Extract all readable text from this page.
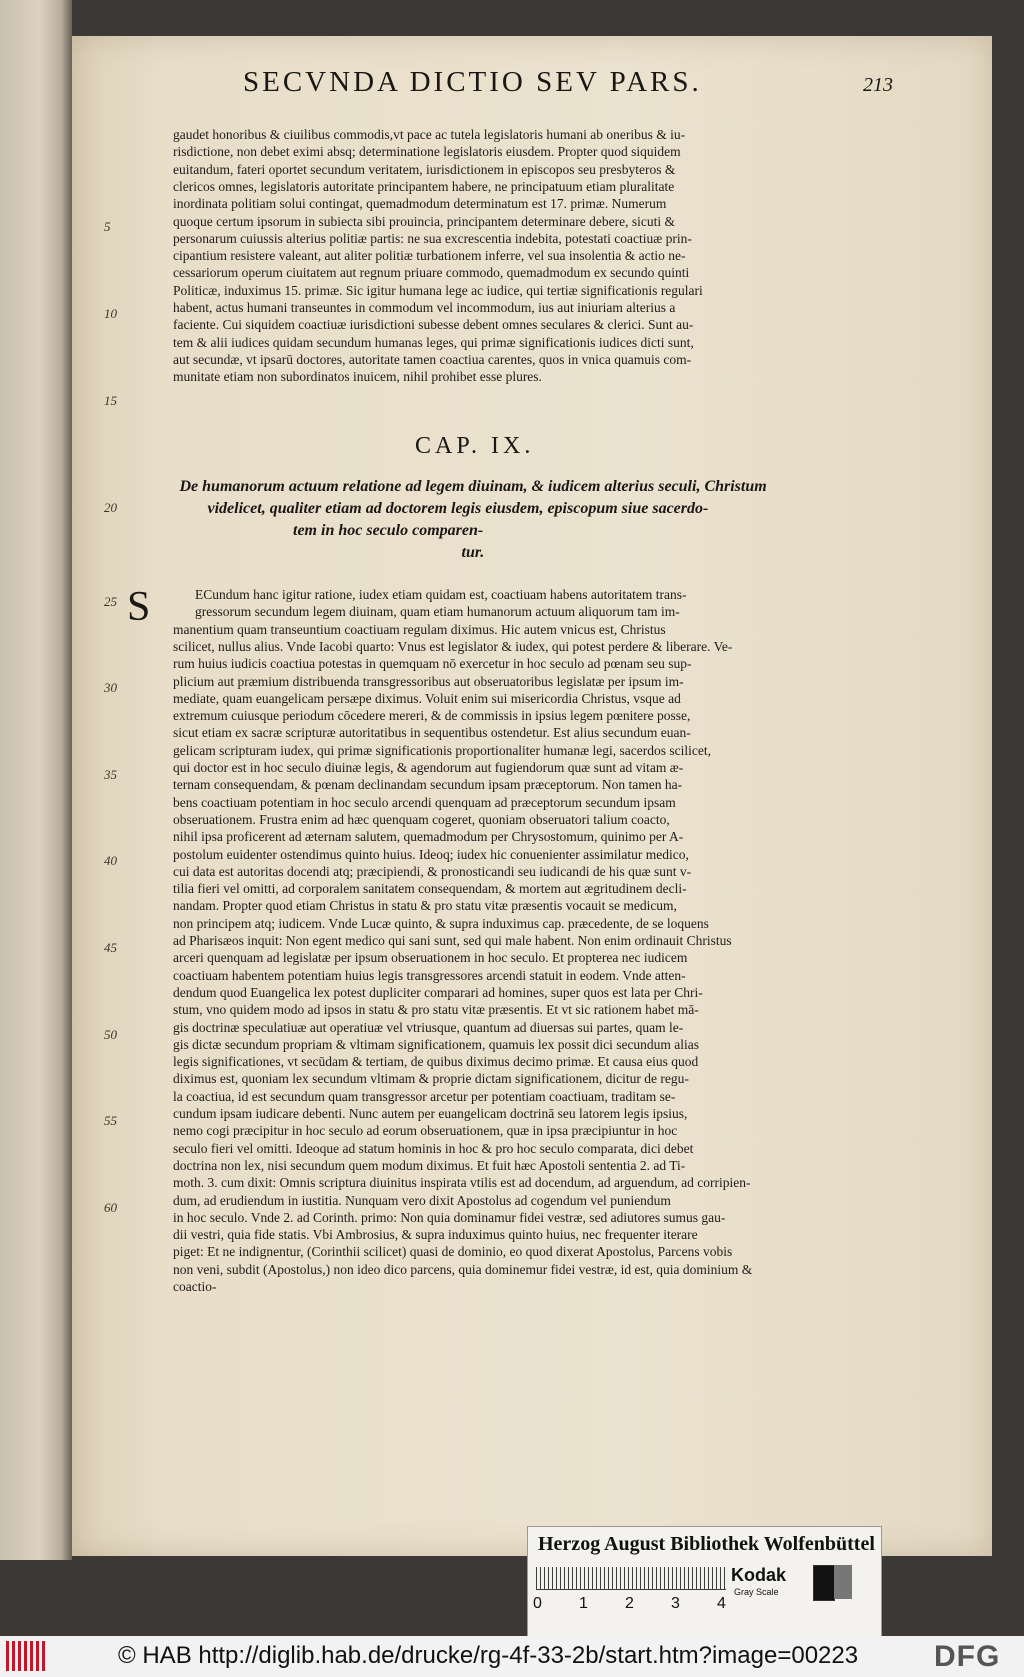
SECVNDA DICTIO SEV PARS.	213
gaudet honoribus & ciuilibus commodis,vt pace ac tutela legislatoris humani ab oneribus & iu-
risdictione, non debet eximi absq; determinatione legislatoris eiusdem. Propter quod siquidem
euitandum, fateri oportet secundum veritatem, iurisdictionem in episcopos seu presbyteros &
clericos omnes, legislatoris autoritate principantem habere, ne principatuum etiam pluralitate
inordinata politiam solui contingat, quemadmodum determinatum est 17. primæ. Numerum
quoque certum ipsorum in subiecta sibi prouincia, principantem determinare debere, sicuti &
personarum cuiussis alterius politiæ partis: ne sua excrescentia indebita, potestati coactiuæ prin-
cipantium resistere valeant, aut aliter politiæ turbationem inferre, vel sua insolentia & actio ne-
cessariorum operum ciuitatem aut regnum priuare commodo, quemadmodum ex secundo quinti
Politicæ, induximus 15. primæ. Sic igitur humana lege ac iudice, qui tertiæ significationis regulari
habent, actus humani transeuntes in commodum vel incommodum, ius aut iniuriam alterius a
faciente. Cui siquidem coactiuæ iurisdictioni subesse debent omnes seculares & clerici. Sunt au-
tem & alii iudices quidam secundum humanas leges, qui primæ significationis iudices dicti sunt,
aut secundæ, vt ipsarū doctores, autoritate tamen coactiua carentes, quos in vnica quamuis com-
munitate etiam non subordinatos inuicem, nihil prohibet esse plures.
5
10
15
CAP. IX.
De humanorum actuum relatione ad legem diuinam, & iudicem alterius seculi, Christum
videlicet, qualiter etiam ad doctorem legis eiusdem, episcopum siue sacerdo-
tem in hoc seculo comparen-
tur.
20
S	ECundum hanc igitur ratione, iudex etiam quidam est, coactiuam habens autoritatem trans-
gressorum secundum legem diuinam, quam etiam humanorum actuum aliquorum tam im-
manentium quam transeuntium coactiuam regulam diximus. Hic autem vnicus est, Christus
scilicet, nullus alius. Vnde Iacobi quarto: Vnus est legislator & iudex, qui potest perdere & liberare. Ve-
rum huius iudicis coactiua potestas in quemquam nō exercetur in hoc seculo ad pœnam seu sup-
plicium aut præmium distribuenda transgressoribus aut obseruatoribus legislatæ per ipsum im-
mediate, quam euangelicam persæpe diximus. Voluit enim sui misericordia Christus, vsque ad
extremum cuiusque periodum cōcedere mereri, & de commissis in ipsius legem pœnitere posse,
sicut etiam ex sacræ scripturæ autoritatibus in sequentibus ostendetur. Est alius secundum euan-
gelicam scripturam iudex, qui primæ significationis proportionaliter humanæ legi, sacerdos scilicet,
qui doctor est in hoc seculo diuinæ legis, & agendorum aut fugiendorum quæ sunt ad vitam æ-
ternam consequendam, & pœnam declinandam secundum ipsam præceptorum. Non tamen ha-
bens coactiuam potentiam in hoc seculo arcendi quenquam ad præceptorum secundum ipsam
obseruationem. Frustra enim ad hæc quenquam cogeret, quoniam obseruatori talium coacto,
nihil ipsa proficerent ad æternam salutem, quemadmodum per Chrysostomum, quinimo per A-
postolum euidenter ostendimus quinto huius. Ideoq; iudex hic conuenienter assimilatur medico,
cui data est autoritas docendi atq; præcipiendi, & pronosticandi seu iudicandi de his quæ sunt v-
tilia fieri vel omitti, ad corporalem sanitatem consequendam, & mortem aut ægritudinem decli-
nandam. Propter quod etiam Christus in statu & pro statu vitæ præsentis vocauit se medicum,
non principem atq; iudicem. Vnde Lucæ quinto, & supra induximus cap. præcedente, de se loquens
ad Pharisæos inquit: Non egent medico qui sani sunt, sed qui male habent. Non enim ordinauit Christus
arceri quenquam ad legislatæ per ipsum obseruationem in hoc seculo. Et propterea nec iudicem
coactiuam habentem potentiam huius legis transgressores arcendi statuit in eodem. Vnde atten-
dendum quod Euangelica lex potest dupliciter comparari ad homines, super quos est lata per Chri-
stum, vno quidem modo ad ipsos in statu & pro statu vitæ præsentis. Et vt sic rationem habet mā-
gis doctrinæ speculatiuæ aut operatiuæ vel vtriusque, quantum ad diuersas sui partes, quam le-
gis dictæ secundum propriam & vltimam significationem, quamuis lex possit dici secundum alias
legis significationes, vt secūdam & tertiam, de quibus diximus decimo primæ. Et causa eius quod
diximus est, quoniam lex secundum vltimam & proprie dictam significationem, dicitur de regu-
la coactiua, id est secundum quam transgressor arcetur per potentiam coactiuam, traditam se-
cundum ipsam iudicare debenti. Nunc autem per euangelicam doctrinā seu latorem legis ipsius,
nemo cogi præcipitur in hoc seculo ad eorum obseruationem, quæ in ipsa præcipiuntur in hoc
seculo fieri vel omitti. Ideoque ad statum hominis in hoc & pro hoc seculo comparata, dici debet
doctrina non lex, nisi secundum quem modum diximus. Et fuit hæc Apostoli sententia 2. ad Ti-
moth. 3. cum dixit: Omnis scriptura diuinitus inspirata vtilis est ad docendum, ad arguendum, ad corripien-
dum, ad erudiendum in iustitia. Nunquam vero dixit Apostolus ad cogendum vel puniendum
in hoc seculo. Vnde 2. ad Corinth. primo: Non quia dominamur fidei vestræ, sed adiutores sumus gau-
dii vestri, quia fide statis. Vbi Ambrosius, & supra induximus quinto huius, nec frequenter iterare
piget: Et ne indignentur, (Corinthii scilicet) quasi de dominio, eo quod dixerat Apostolus, Parcens vobis
non veni, subdit (Apostolus,) non ideo dico parcens, quia dominemur fidei vestræ, id est, quia dominium &
coactio-
25
30
35
40
45
50
55
60
Herzog August Bibliothek Wolfenbüttel
0 1 2 3 4
Kodak
Gray Scale
© HAB http://diglib.hab.de/drucke/rg-4f-33-2b/start.htm?image=00223	DFG
